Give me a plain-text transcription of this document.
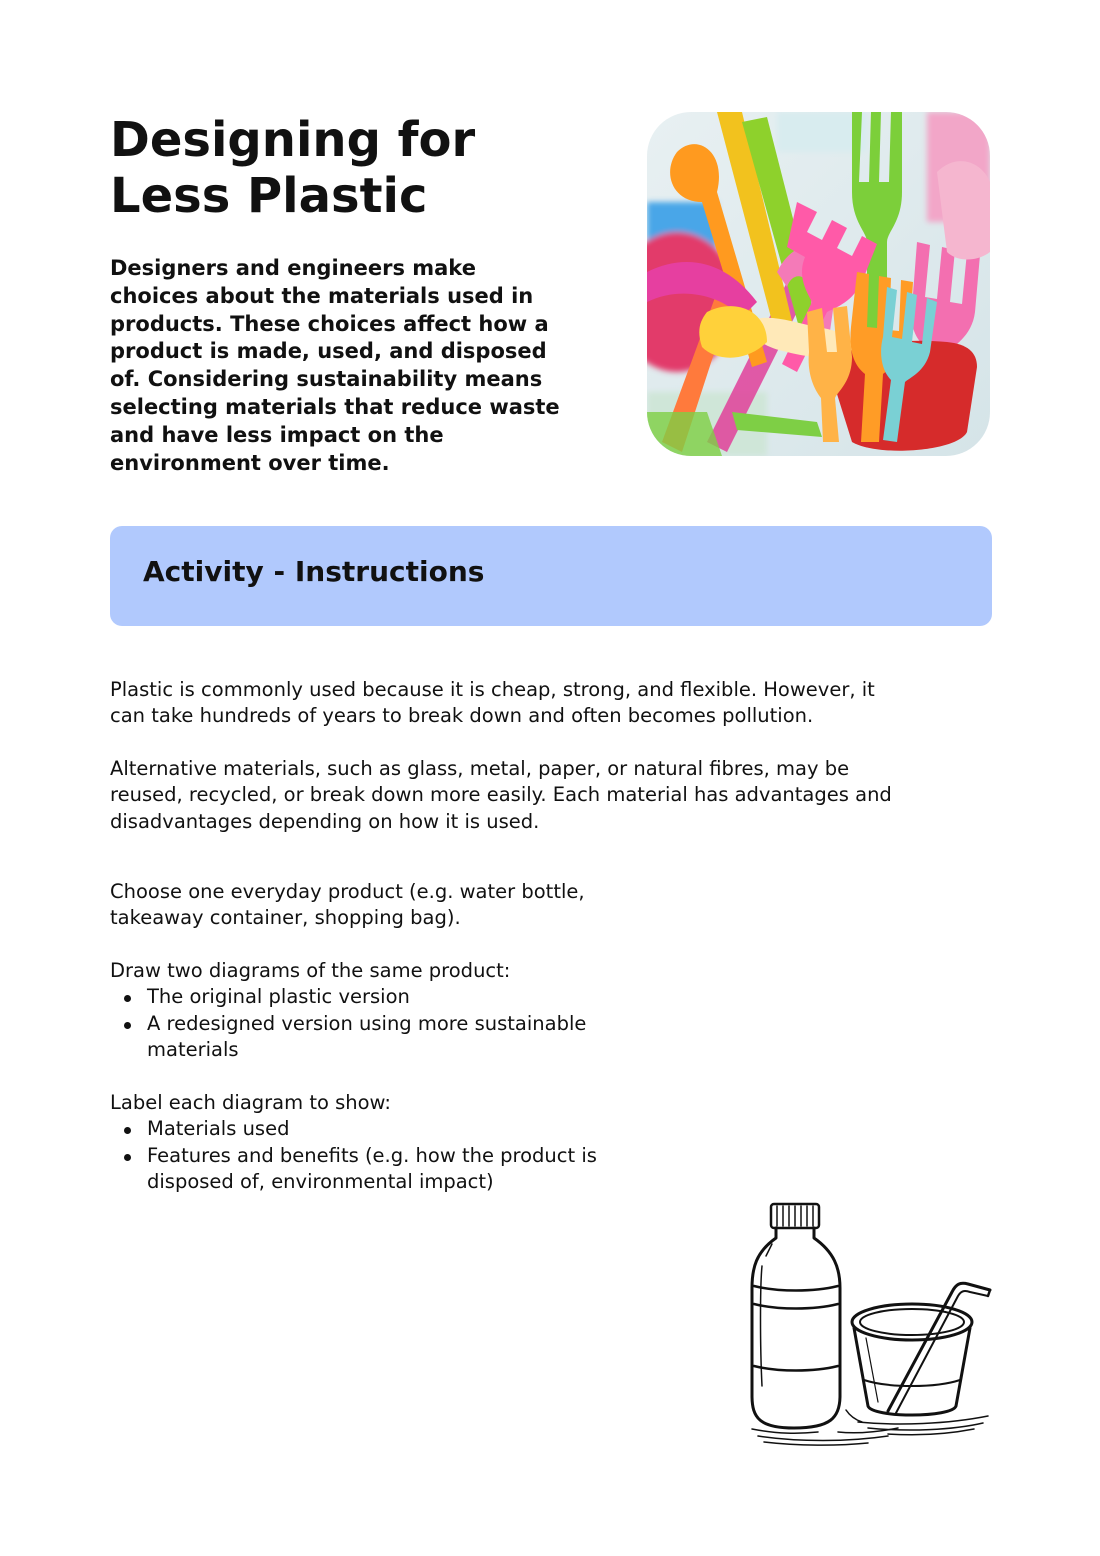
Designing for
Less Plastic

Designers and engineers make choices about the materials used in products. These choices affect how a product is made, used, and disposed of. Considering sustainability means selecting materials that reduce waste and have less impact on the environment over time.

Activity - Instructions

Plastic is commonly used because it is cheap, strong, and flexible. However, it can take hundreds of years to break down and often becomes pollution.

Alternative materials, such as glass, metal, paper, or natural fibres, may be reused, recycled, or break down more easily. Each material has advantages and disadvantages depending on how it is used.

Choose one everyday product (e.g. water bottle, takeaway container, shopping bag).

Draw two diagrams of the same product:
The original plastic version
A redesigned version using more sustainable materials
Label each diagram to show:
Materials used
Features and benefits (e.g. how the product is disposed of, environmental impact)
